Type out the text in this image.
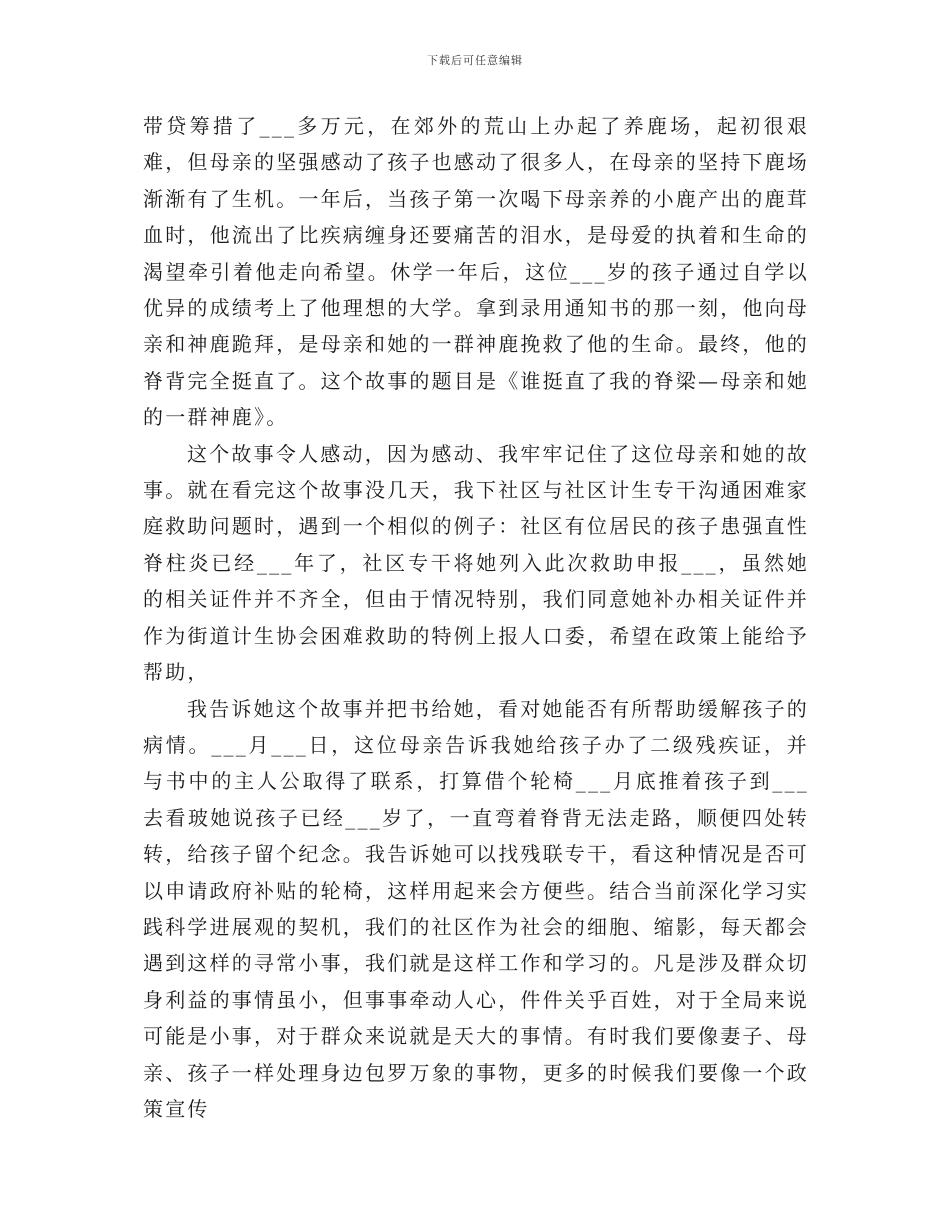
下载后可任意编辑

带贷筹措了___多万元，在郊外的荒山上办起了养鹿场，起初很艰难，但母亲的坚强感动了孩子也感动了很多人，在母亲的坚持下鹿场渐渐有了生机。一年后，当孩子第一次喝下母亲养的小鹿产出的鹿茸血时，他流出了比疾病缠身还要痛苦的泪水，是母爱的执着和生命的渴望牵引着他走向希望。休学一年后，这位___岁的孩子通过自学以优异的成绩考上了他理想的大学。拿到录用通知书的那一刻，他向母亲和神鹿跪拜，是母亲和她的一群神鹿挽救了他的生命。最终，他的脊背完全挺直了。这个故事的题目是《谁挺直了我的脊梁—母亲和她的一群神鹿》。

这个故事令人感动，因为感动、我牢牢记住了这位母亲和她的故事。就在看完这个故事没几天，我下社区与社区计生专干沟通困难家庭救助问题时，遇到一个相似的例子：社区有位居民的孩子患强直性脊柱炎已经___年了，社区专干将她列入此次救助申报___，虽然她的相关证件并不齐全，但由于情况特别，我们同意她补办相关证件并作为街道计生协会困难救助的特例上报人口委，希望在政策上能给予帮助，

我告诉她这个故事并把书给她，看对她能否有所帮助缓解孩子的病情。___月___日，这位母亲告诉我她给孩子办了二级残疾证，并与书中的主人公取得了联系，打算借个轮椅___月底推着孩子到___去看玻她说孩子已经___岁了，一直弯着脊背无法走路，顺便四处转转，给孩子留个纪念。我告诉她可以找残联专干，看这种情况是否可以申请政府补贴的轮椅，这样用起来会方便些。结合当前深化学习实践科学进展观的契机，我们的社区作为社会的细胞、缩影，每天都会遇到这样的寻常小事，我们就是这样工作和学习的。凡是涉及群众切身利益的事情虽小，但事事牵动人心，件件关乎百姓，对于全局来说可能是小事，对于群众来说就是天大的事情。有时我们要像妻子、母亲、孩子一样处理身边包罗万象的事物，更多的时候我们要像一个政策宣传
